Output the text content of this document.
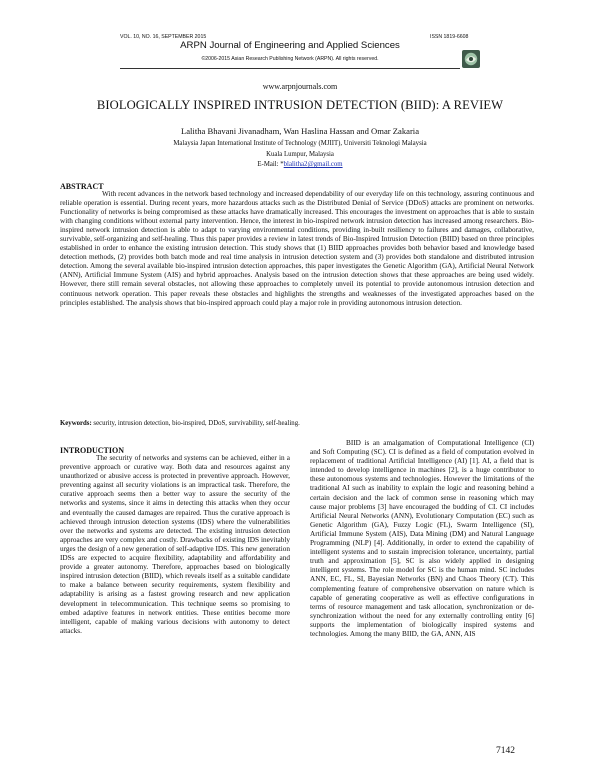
VOL. 10, NO. 16, SEPTEMBER 2015	ISSN 1819-6608
ARPN Journal of Engineering and Applied Sciences
©2006-2015 Asian Research Publishing Network (ARPN). All rights reserved.
www.arpnjournals.com
BIOLOGICALLY INSPIRED INTRUSION DETECTION (BIID): A REVIEW
Lalitha Bhavani Jivanadham, Wan Haslina Hassan and Omar Zakaria
Malaysia Japan International Institute of Technology (MJIIT), Universiti Teknologi Malaysia
Kuala Lumpur, Malaysia
E-Mail: *blalitha2@gmail.com
ABSTRACT

With recent advances in the network based technology and increased dependability of our everyday life on this technology, assuring continuous and reliable operation is essential. During recent years, more hazardous attacks such as the Distributed Denial of Service (DDoS) attacks are prominent on networks. Functionality of networks is being compromised as these attacks have dramatically increased. This encourages the investment on approaches that is able to sustain with changing conditions without external party intervention. Hence, the interest in bio-inspired network intrusion detection has increased among researchers. Bio-inspired network intrusion detection is able to adapt to varying environmental conditions, providing in-built resiliency to failures and damages, collaborative, survivable, self-organizing and self-healing. Thus this paper provides a review in latest trends of Bio-Inspired Intrusion Detection (BIID) based on three principles established in order to enhance the existing intrusion detection. This study shows that (1) BIID approaches provides both behavior based and knowledge based detection methods, (2) provides both batch mode and real time analysis in intrusion detection system and (3) provides both standalone and distributed intrusion detection. Among the several available bio-inspired intrusion detection approaches, this paper investigates the Genetic Algorithm (GA), Artificial Neural Network (ANN), Artificial Immune System (AIS) and hybrid approaches. Analysis based on the intrusion detection shows that these approaches are being used widely. However, there still remain several obstacles, not allowing these approaches to completely unveil its potential to provide autonomous intrusion detection and continuous network operation. This paper reveals these obstacles and highlights the strengths and weaknesses of the investigated approaches based on the principles established. The analysis shows that bio-inspired approach could play a major role in providing autonomous intrusion detection.

Keywords: security, intrusion detection, bio-inspired, DDoS, survivability, self-healing.
INTRODUCTION

The security of networks and systems can be achieved, either in a preventive approach or curative way. Both data and resources against any unauthorized or abusive access is protected in preventive approach. However, preventing against all security violations is an impractical task. Therefore, the curative approach seems then a better way to assure the security of the networks and systems, since it aims in detecting this attacks when they occur and eventually the caused damages are repaired. Thus the curative approach is achieved through intrusion detection systems (IDS) where the vulnerabilities over the networks and systems are detected. The existing intrusion detection approaches are very complex and costly. Drawbacks of existing IDS inevitably urges the design of a new generation of self-adaptive IDS. This new generation IDSs are expected to acquire flexibility, adaptability and affordability and provide a greater autonomy. Therefore, approaches based on biologically inspired intrusion detection (BIID), which reveals itself as a suitable candidate to make a balance between security requirements, system flexibility and adaptability is arising as a fastest growing research and new application development in telecommunication. This technique seems so promising to embed adaptive features in network entities. These entities become more intelligent, capable of making various decisions with autonomy to detect attacks.

BIID is an amalgamation of Computational Intelligence (CI) and Soft Computing (SC). CI is defined as a field of computation evolved in replacement of traditional Artificial Intelligence (AI) [1]. AI, a field that is intended to develop intelligence in machines [2], is a huge contributor to these autonomous systems and technologies. However the limitations of the traditional AI such as inability to explain the logic and reasoning behind a certain decision and the lack of common sense in reasoning which may cause major problems [3] have encouraged the budding of CI. CI includes Artificial Neural Networks (ANN), Evolutionary Computation (EC) such as Genetic Algorithm (GA), Fuzzy Logic (FL), Swarm Intelligence (SI), Artificial Immune System (AIS), Data Mining (DM) and Natural Language Programming (NLP) [4]. Additionally, in order to extend the capability of intelligent systems and to sustain imprecision tolerance, uncertainty, partial truth and approximation [5], SC is also widely applied in designing intelligent systems. The role model for SC is the human mind. SC includes ANN, EC, FL, SI, Bayesian Networks (BN) and Chaos Theory (CT). This complementing feature of comprehensive observation on nature which is capable of generating cooperative as well as effective configurations in terms of resource management and task allocation, synchronization or de-synchronization without the need for any externally controlling entity [6] supports the implementation of biologically inspired systems and technologies. Among the many BIID, the GA, ANN, AIS

7142
